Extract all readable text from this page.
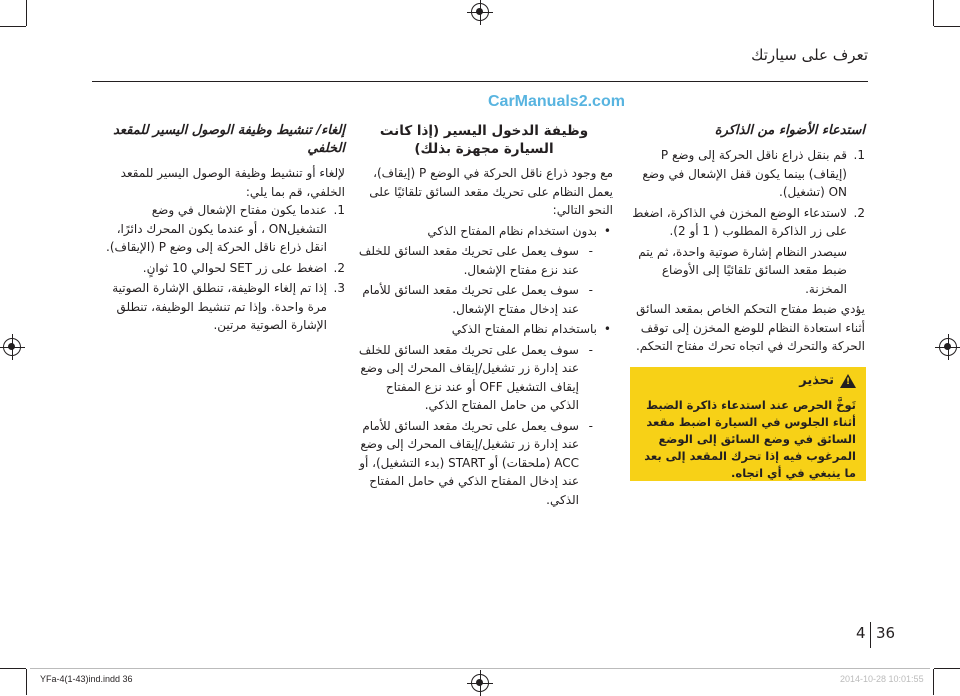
تعرف على سيارتك
CarManuals2.com
استدعاء الأضواء من الذاكرة
1.
قم بنقل ذراع ناقل الحركة إلى وضع P (إيقاف) بينما يكون قفل الإشعال في وضع ON (تشغيل).
2.
لاستدعاء الوضع المخزن في الذاكرة، اضغط على زر الذاكرة المطلوب ( 1 أو 2).
سيصدر النظام إشارة صوتية واحدة، ثم يتم ضبط مقعد السائق تلقائيًا إلى الأوضاع المخزنة.
يؤدي ضبط مفتاح التحكم الخاص بمقعد السائق أثناء استعادة النظام للوضع المخزن إلى توقف الحركة والتحرك في اتجاه تحرك مفتاح التحكم.
!
تحذير
تَوخَّ الحرص عند استدعاء ذاكرة الضبط أثناء الجلوس في السيارة اضبط مقعد السائق في وضع السائق إلى الوضع المرغوب فيه إذا تحرك المقعد إلى بعد ما ينبغي في أي اتجاه.
وظيفة الدخول اليسير (إذا كانت السيارة مجهزة بذلك)
مع وجود ذراع ناقل الحركة في الوضع P (إيقاف)، يعمل النظام على تحريك مقعد السائق تلقائيًا على النحو التالي:
• بدون استخدام نظام المفتاح الذكي
- سوف يعمل على تحريك مقعد السائق للخلف عند نزع مفتاح الإشعال.
- سوف يعمل على تحريك مقعد السائق للأمام عند إدخال مفتاح الإشعال.
• باستخدام نظام المفتاح الذكي
- سوف يعمل على تحريك مقعد السائق للخلف عند إدارة زر تشغيل/إيقاف المحرك إلى وضع إيقاف التشغيل OFF أو عند نزع المفتاح الذكي من حامل المفتاح الذكي.
- سوف يعمل على تحريك مقعد السائق للأمام عند إدارة زر تشغيل/إيقاف المحرك إلى وضع ACC (ملحقات) أو START (بدء التشغيل)، أو عند إدخال المفتاح الذكي في حامل المفتاح الذكي.
إلغاء/ تنشيط وظيفة الوصول اليسير للمقعد الخلفي
لإلغاء أو تنشيط وظيفة الوصول اليسير للمقعد الخلفي، قم بما يلي:
1.
عندما يكون مفتاح الإشعال في وضع التشغيلON ، أو عندما يكون المحرك دائرًا، انقل ذراع ناقل الحركة إلى وضع P (الإيقاف).
2.
اضغط على زر SET لحوالي 10 ثوانٍ.
3.
إذا تم إلغاء الوظيفة، تنطلق الإشارة الصوتية مرة واحدة. وإذا تم تنشيط الوظيفة، تنطلق الإشارة الصوتية مرتين.
4 36
YFa-4(1-43)ind.indd 36	2014-10-28 10:01:55
